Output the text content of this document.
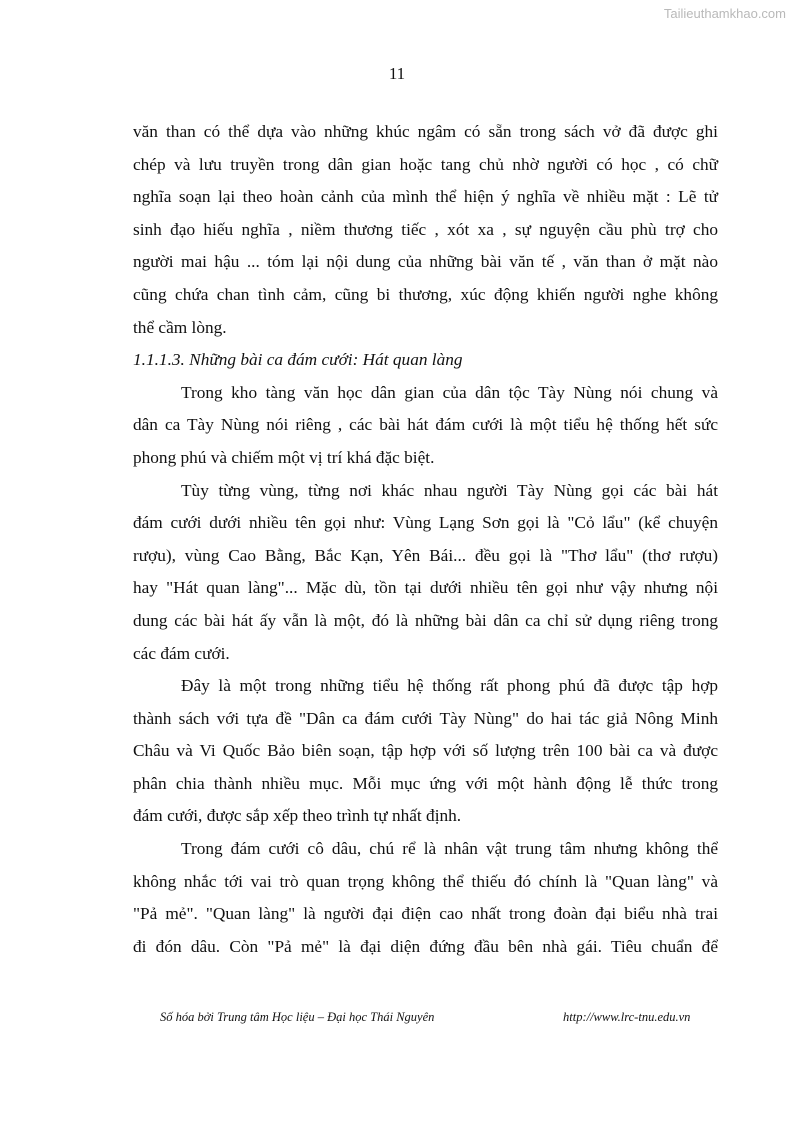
Tailieuthamkhao.com
11
văn than có thể dựa vào những khúc ngâm có sẵn trong sách vở đã được ghi
chép và lưu truyền trong dân gian hoặc tang chủ nhờ người có học , có chữ
nghĩa soạn lại theo hoàn cảnh của mình thể hiện ý nghĩa về nhiều mặt : Lẽ tử
sinh đạo hiếu nghĩa , niềm thương tiếc , xót xa , sự nguyện cầu phù trợ cho
người mai hậu ... tóm lại nội dung của những bài văn tế , văn than ở mặt nào
cũng chứa chan tình cảm, cũng bi thương, xúc động khiến người nghe không
thể cầm lòng.
1.1.1.3. Những bài ca đám cưới: Hát quan làng
Trong kho tàng văn học dân gian của dân tộc Tày Nùng nói chung và
dân ca Tày Nùng nói riêng , các bài hát đám cưới là một tiểu hệ thống hết sức
phong phú và chiếm một vị trí khá đặc biệt.
Tùy từng vùng, từng nơi khác nhau người Tày Nùng gọi các bài hát
đám cưới dưới nhiều tên gọi như: Vùng Lạng Sơn gọi là "Cỏ lẩu" (kể chuyện
rượu), vùng Cao Bằng, Bắc Kạn, Yên Bái... đều gọi là "Thơ lẩu" (thơ rượu)
hay "Hát quan làng"... Mặc dù, tồn tại dưới nhiều tên gọi như vậy nhưng nội
dung các bài hát ấy vẫn là một, đó là những bài dân ca chỉ sử dụng riêng trong
các đám cưới.
Đây là một trong những tiểu hệ thống rất phong phú đã được tập hợp
thành sách với tựa đề "Dân ca đám cưới Tày Nùng" do hai tác giả Nông Minh
Châu và Vi Quốc Bảo biên soạn, tập hợp với số lượng trên 100 bài ca và được
phân chia thành nhiều mục. Mỗi mục ứng với một hành động lễ thức trong
đám cưới, được sắp xếp theo trình tự nhất định.
Trong đám cưới cô dâu, chú rể là nhân vật trung tâm nhưng không thể
không nhắc tới vai trò quan trọng không thể thiếu đó chính là "Quan làng" và
"Pả mẻ". "Quan làng" là người đại điện cao nhất trong đoàn đại biểu nhà trai
đi đón dâu. Còn "Pả mẻ" là đại diện đứng đầu bên nhà gái. Tiêu chuẩn để
Số hóa bởi Trung tâm Học liệu – Đại học Thái Nguyên	http://www.lrc-tnu.edu.vn
